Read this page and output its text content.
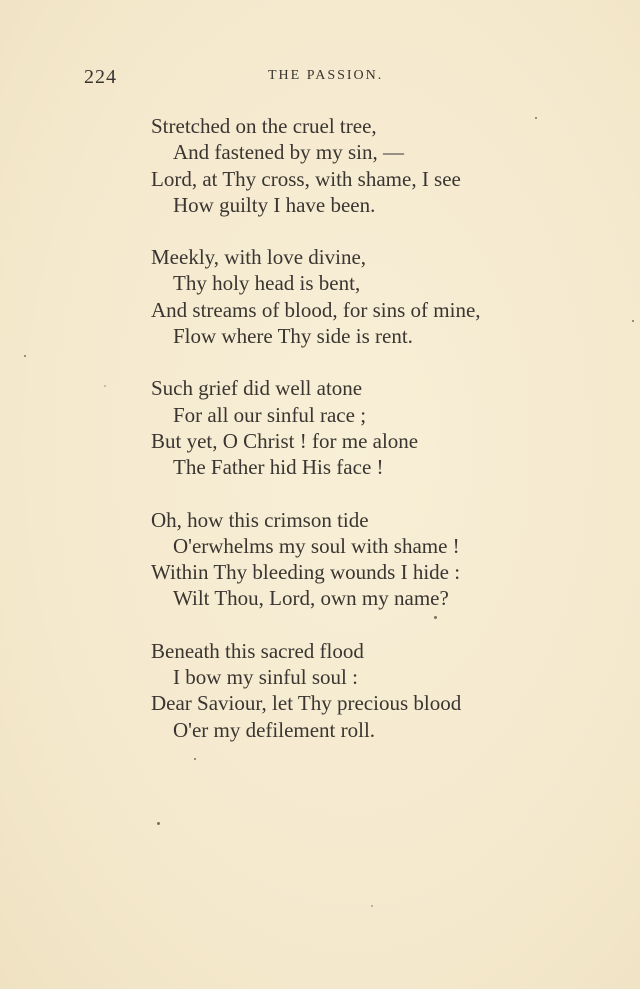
224	THE PASSION.
Stretched on the cruel tree,
And fastened by my sin, —
Lord, at Thy cross, with shame, I see
How guilty I have been.
Meekly, with love divine,
Thy holy head is bent,
And streams of blood, for sins of mine,
Flow where Thy side is rent.
Such grief did well atone
For all our sinful race ;
But yet, O Christ ! for me alone
The Father hid His face !
Oh, how this crimson tide
O'erwhelms my soul with shame !
Within Thy bleeding wounds I hide :
Wilt Thou, Lord, own my name?
Beneath this sacred flood
I bow my sinful soul :
Dear Saviour, let Thy precious blood
O'er my defilement roll.
